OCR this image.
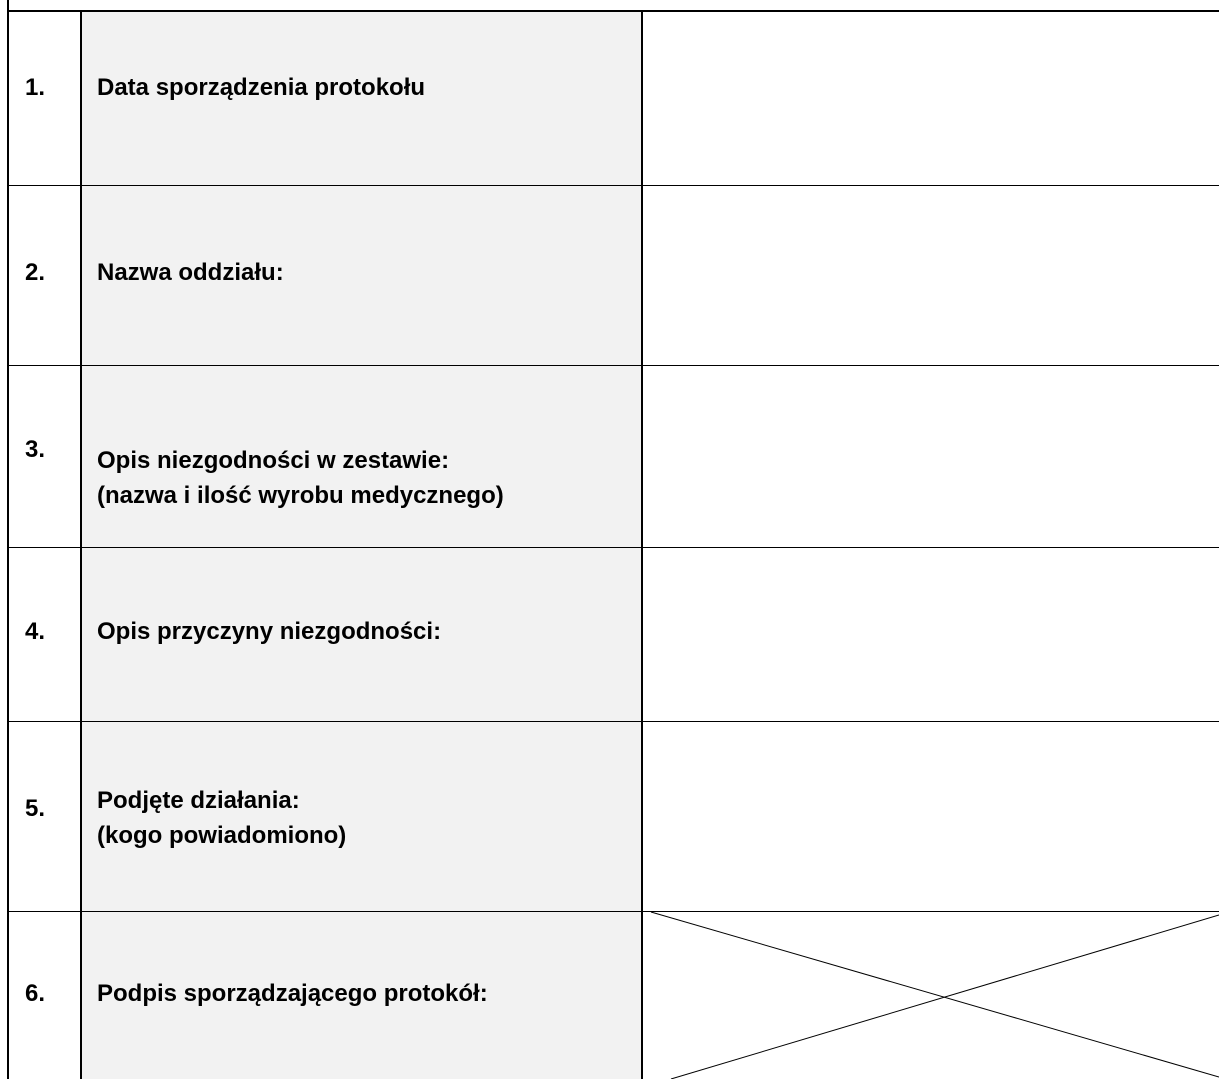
1.
2.
3.
4.
5.
6.
Data sporządzenia protokołu
Nazwa oddziału:
Opis niezgodności w zestawie:
(nazwa i ilość wyrobu medycznego)
Opis przyczyny niezgodności:
Podjęte działania:
(kogo powiadomiono)
Podpis sporządzającego protokół:
